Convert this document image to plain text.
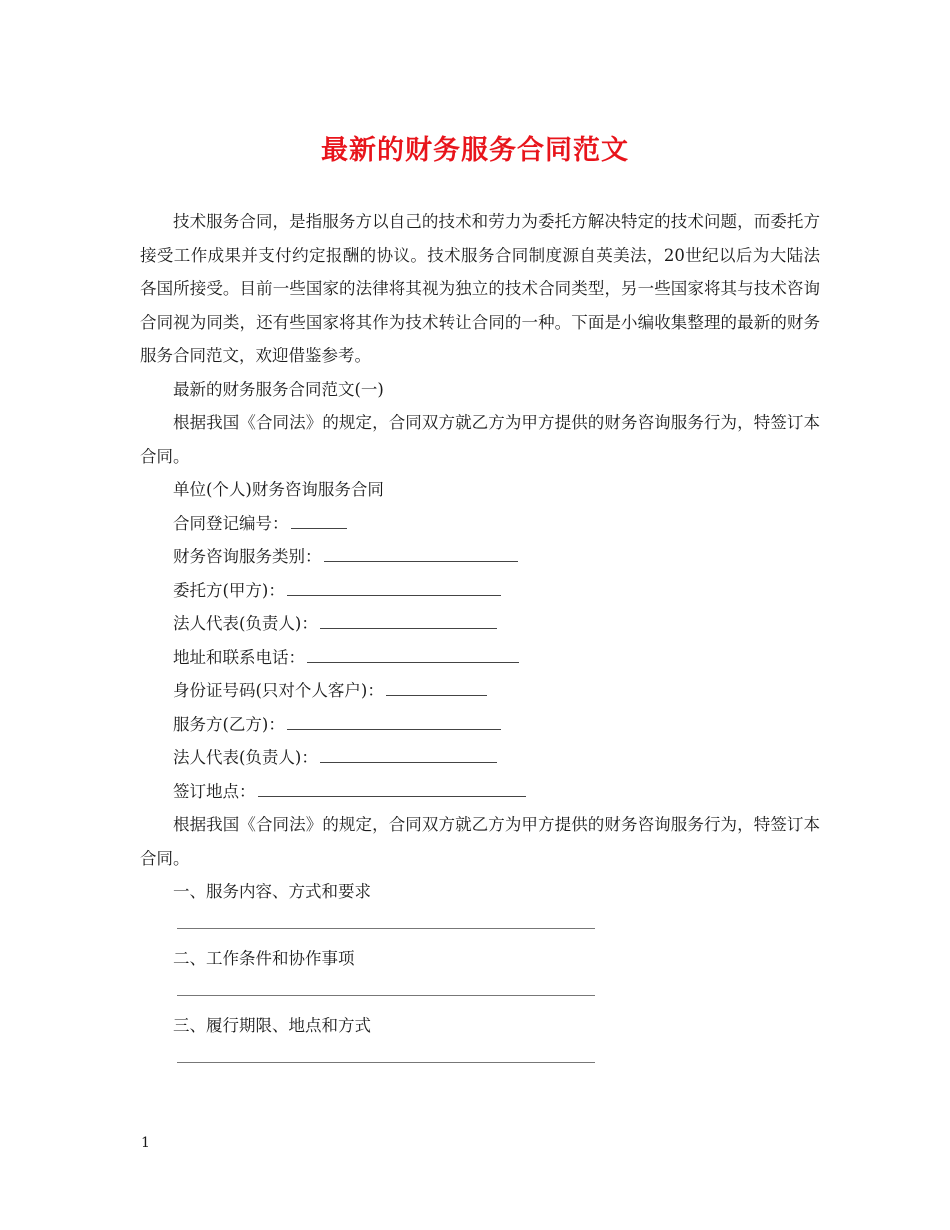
最新的财务服务合同范文

技术服务合同，是指服务方以自己的技术和劳力为委托方解决特定的技术问题，而委托方接受工作成果并支付约定报酬的协议。技术服务合同制度源自英美法，20世纪以后为大陆法各国所接受。目前一些国家的法律将其视为独立的技术合同类型，另一些国家将其与技术咨询合同视为同类，还有些国家将其作为技术转让合同的一种。下面是小编收集整理的最新的财务服务合同范文，欢迎借鉴参考。

最新的财务服务合同范文(一)

根据我国《合同法》的规定，合同双方就乙方为甲方提供的财务咨询服务行为，特签订本合同。

单位(个人)财务咨询服务合同

合同登记编号：

财务咨询服务类别：

委托方(甲方)：

法人代表(负责人)：

地址和联系电话：

身份证号码(只对个人客户)：

服务方(乙方)：

法人代表(负责人)：

签订地点：

根据我国《合同法》的规定，合同双方就乙方为甲方提供的财务咨询服务行为，特签订本合同。

一、服务内容、方式和要求

二、工作条件和协作事项

三、履行期限、地点和方式

1
